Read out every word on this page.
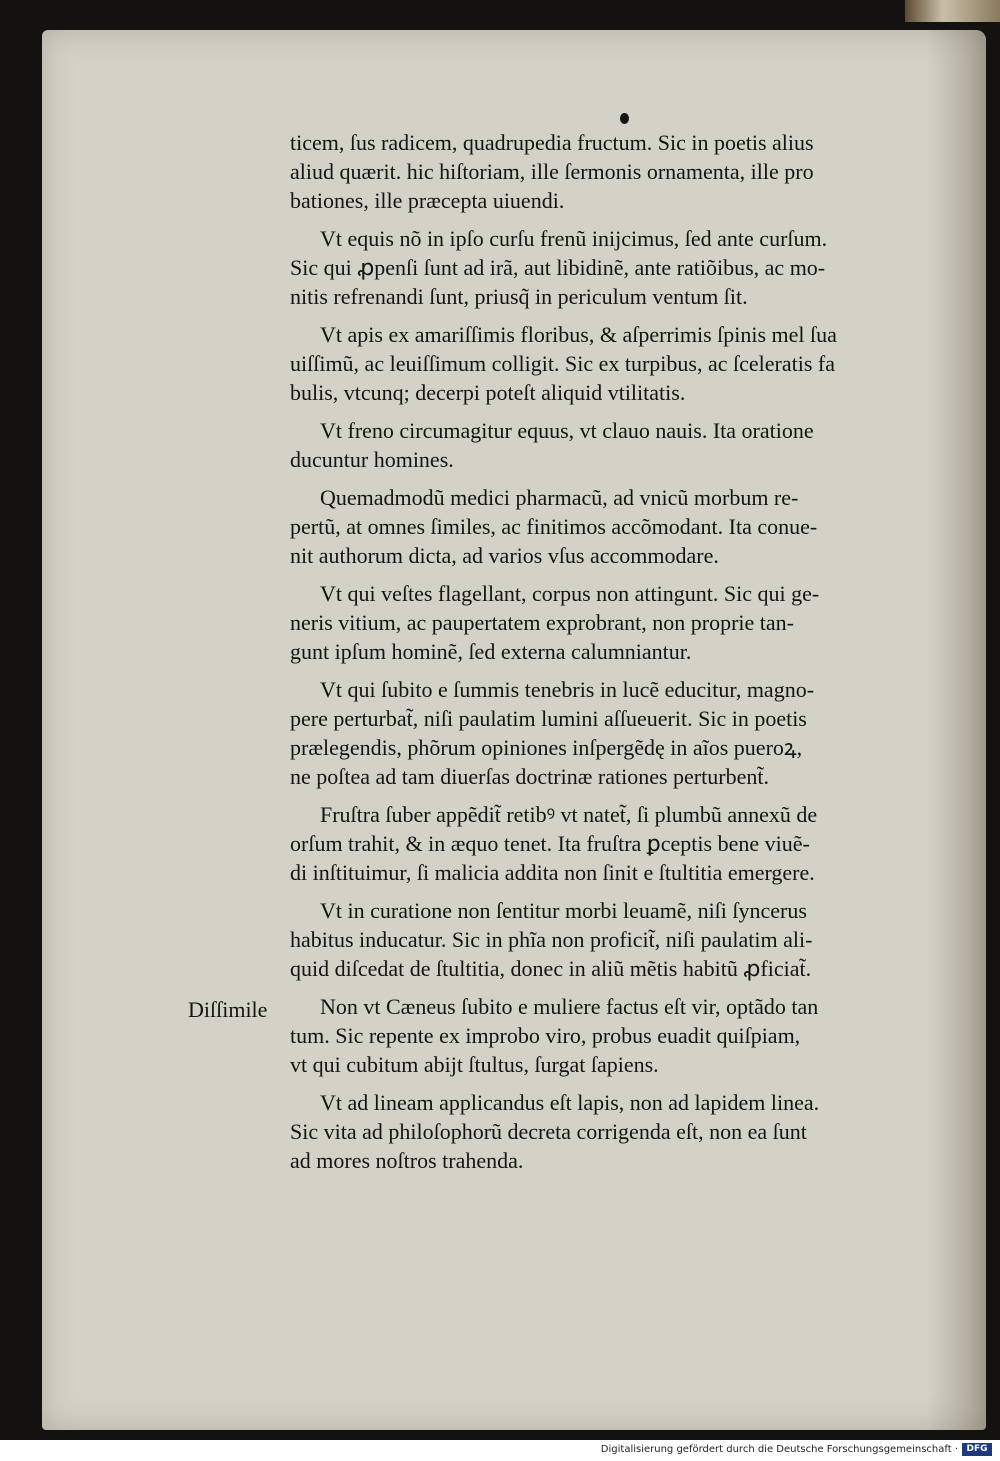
ticem, ſus radicem, quadrupedia fructum. Sic in poetis alius
aliud quærit. hic hiſtoriam, ille ſermonis ornamenta, ille pro
bationes, ille præcepta uiuendi.
Vt equis nõ in ipſo curſu frenũ inijcimus, ſed ante curſum.
Sic qui ꝓpenſi ſunt ad irã, aut libidinẽ, ante ratiõibus, ac mo-
nitis refrenandi ſunt, priusq̃ in periculum ventum ſit.
Vt apis ex amariſſimis floribus, & aſperrimis ſpinis mel ſua
uiſſimũ, ac leuiſſimum colligit. Sic ex turpibus, ac ſceleratis fa
bulis, vtcunq; decerpi poteſt aliquid vtilitatis.
Vt freno circumagitur equus, vt clauo nauis. Ita oratione
ducuntur homines.
Quemadmodũ medici pharmacũ, ad vnicũ morbum re-
pertũ, at omnes ſimiles, ac finitimos accõmodant. Ita conue-
nit authorum dicta, ad varios vſus accommodare.
Vt qui veſtes flagellant, corpus non attingunt. Sic qui ge-
neris vitium, ac paupertatem exprobrant, non proprie tan-
gunt ipſum hominẽ, ſed externa calumniantur.
Vt qui ſubito e ſummis tenebris in lucẽ educitur, magno-
pere perturbat̃, niſi paulatim lumini aſſueuerit. Sic in poetis
prælegendis, phõrum opiniones inſpergẽdę in aĩos pueroꝝ,
ne poſtea ad tam diuerſas doctrinæ rationes perturbent̃.
Fruſtra ſuber appẽdit̃ retibꝰ vt natet̃, ſi plumbũ annexũ de
orſum trahit, & in æquo tenet. Ita fruſtra ꝑceptis bene viuẽ-
di inſtituimur, ſi malicia addita non ſinit e ſtultitia emergere.
Vt in curatione non ſentitur morbi leuamẽ, niſi ſyncerus
habitus inducatur. Sic in phĩa non proficit̃, niſi paulatim ali-
quid diſcedat de ſtultitia, donec in aliũ mẽtis habitũ ꝓficiat̃.
Non vt Cæneus ſubito e muliere factus eſt vir, optãdo tan
tum. Sic repente ex improbo viro, probus euadit quiſpiam,
vt qui cubitum abijt ſtultus, ſurgat ſapiens.
Vt ad lineam applicandus eſt lapis, non ad lapidem linea.
Sic vita ad philoſophorũ decreta corrigenda eſt, non ea ſunt
ad mores noſtros trahenda.
Diſſimile
Digitalisierung gefördert durch die Deutsche Forschungsgemeinschaft · DFG
